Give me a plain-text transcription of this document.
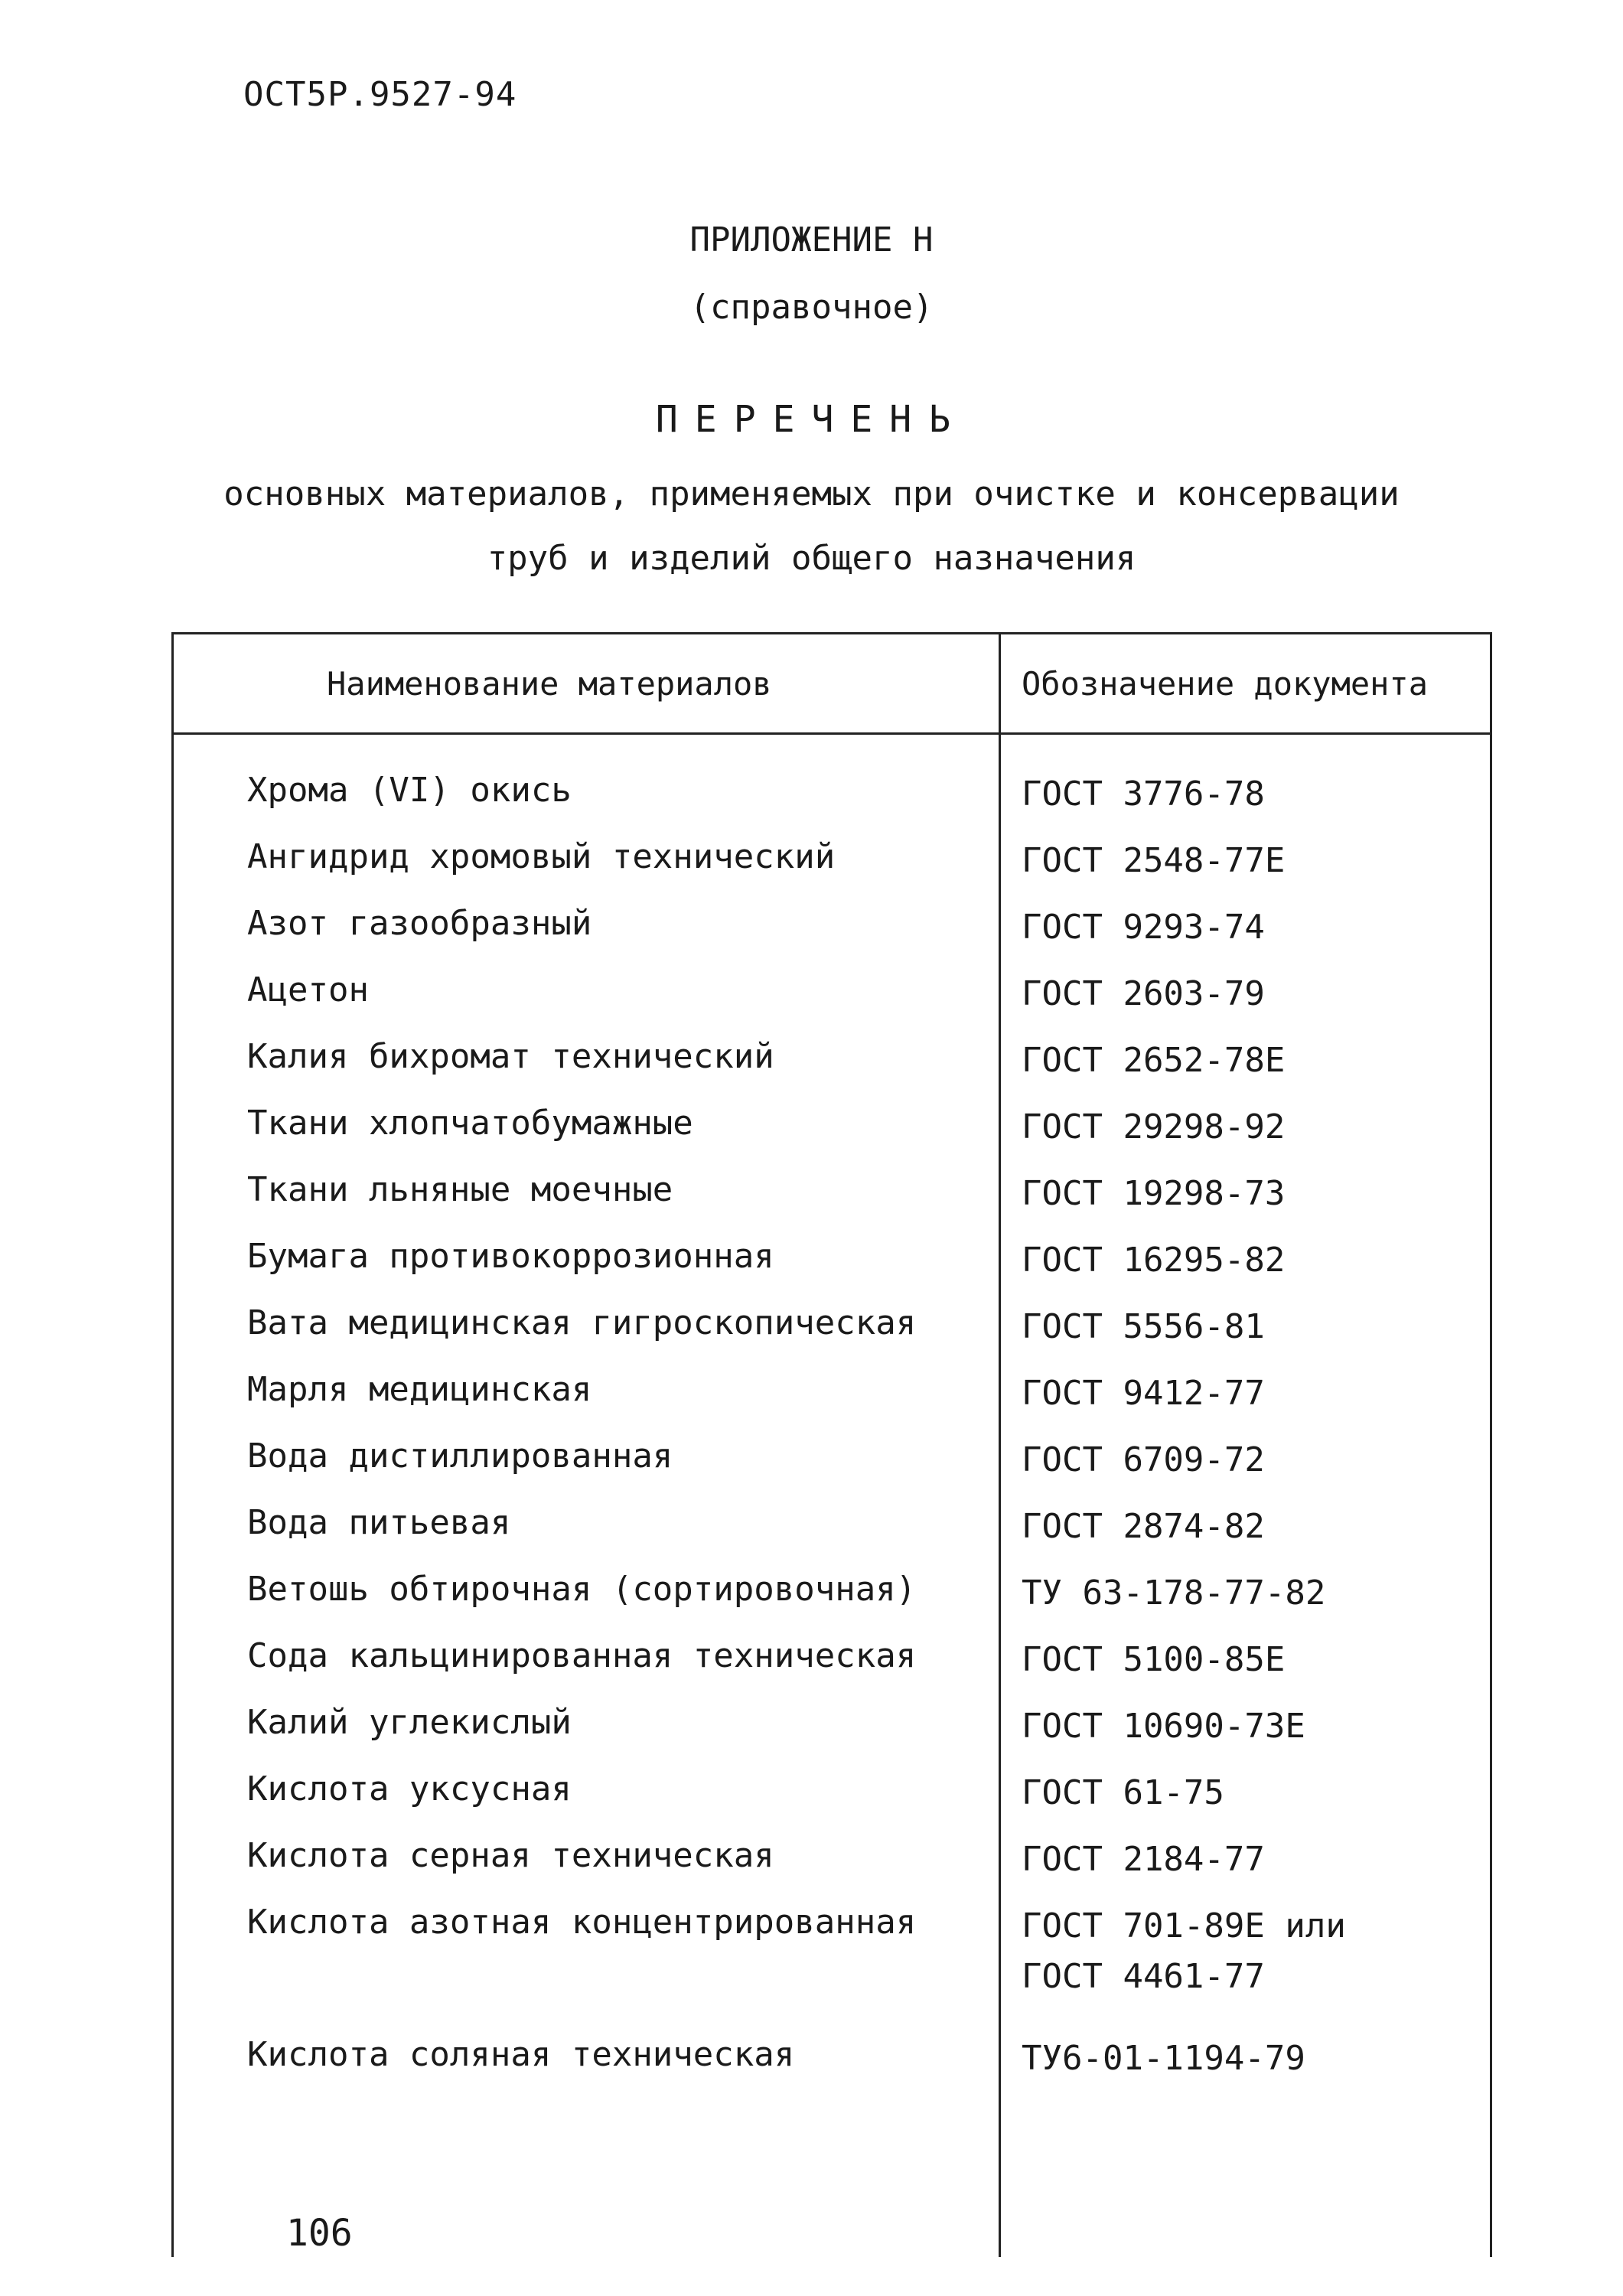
ОСТ5Р.9527-94
ПРИЛОЖЕНИЕ Н
(справочное)
ПЕРЕЧЕНЬ
основных материалов, применяемых при очистке и консервации
труб и изделий общего назначения
Наименование материалов	Обозначение документа
Хрома (VI) окись	ГОСТ 3776-78
Ангидрид хромовый технический	ГОСТ 2548-77Е
Азот газообразный	ГОСТ 9293-74
Ацетон	ГОСТ 2603-79
Калия бихромат технический	ГОСТ 2652-78Е
Ткани хлопчатобумажные	ГОСТ 29298-92
Ткани льняные моечные	ГОСТ 19298-73
Бумага противокоррозионная	ГОСТ 16295-82
Вата медицинская гигроскопическая	ГОСТ 5556-81
Марля медицинская	ГОСТ 9412-77
Вода дистиллированная	ГОСТ 6709-72
Вода питьевая	ГОСТ 2874-82
Ветошь обтирочная (сортировочная)	ТУ 63-178-77-82
Сода кальцинированная техническая	ГОСТ 5100-85Е
Калий углекислый	ГОСТ 10690-73Е
Кислота уксусная	ГОСТ 61-75
Кислота серная техническая	ГОСТ 2184-77
Кислота азотная концентрированная	ГОСТ 701-89Е или
ГОСТ 4461-77
Кислота соляная техническая	ТУ6-01-1194-79
106
